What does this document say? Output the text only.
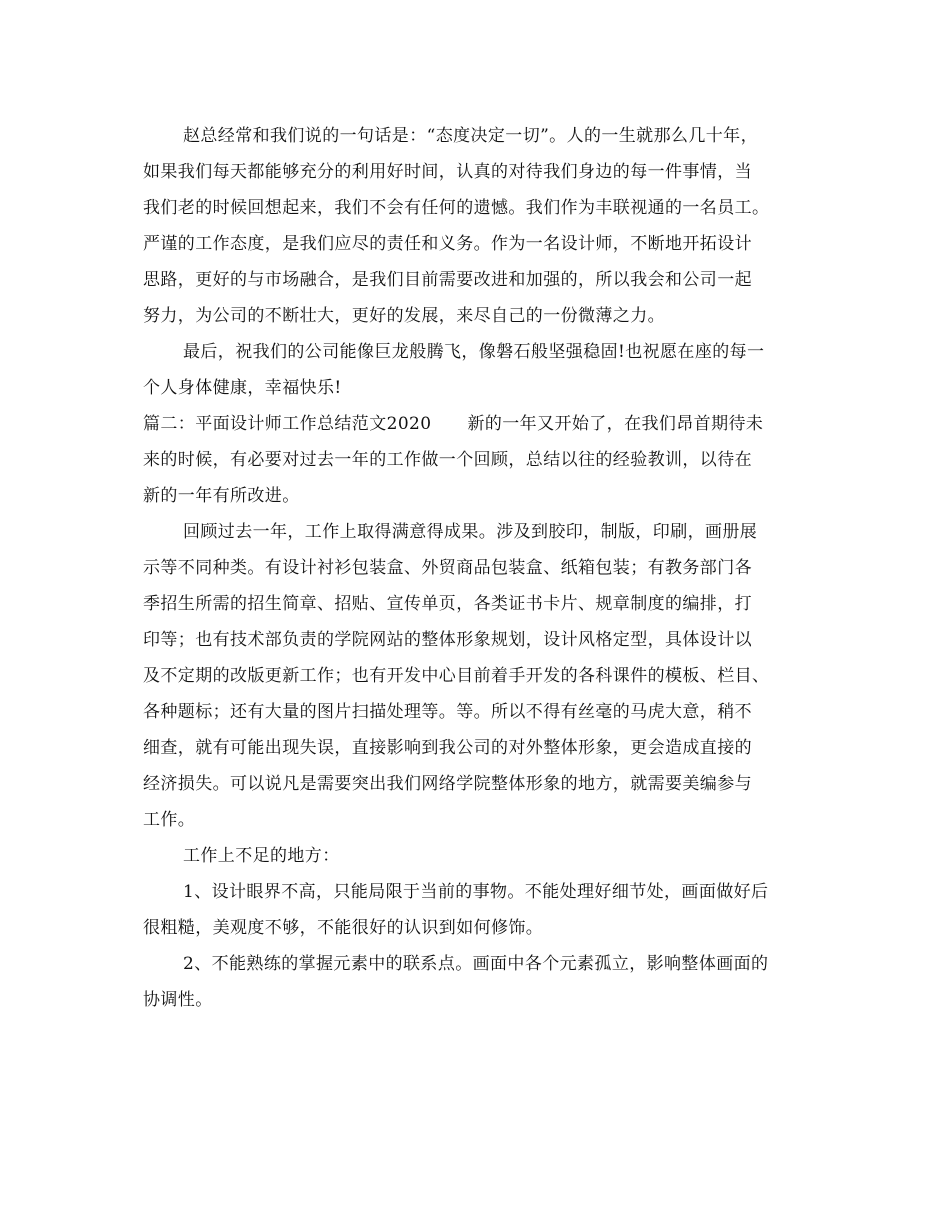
赵总经常和我们说的一句话是：“态度决定一切”。人的一生就那么几十年，
如果我们每天都能够充分的利用好时间，认真的对待我们身边的每一件事情，当
我们老的时候回想起来，我们不会有任何的遗憾。我们作为丰联视通的一名员工。
严谨的工作态度，是我们应尽的责任和义务。作为一名设计师，不断地开拓设计
思路，更好的与市场融合，是我们目前需要改进和加强的，所以我会和公司一起
努力，为公司的不断壮大，更好的发展，来尽自己的一份微薄之力。
最后，祝我们的公司能像巨龙般腾飞，像磐石般坚强稳固!也祝愿在座的每一
个人身体健康，幸福快乐!
篇二：平面设计师工作总结范文2020 新的一年又开始了，在我们昂首期待未
来的时候，有必要对过去一年的工作做一个回顾，总结以往的经验教训，以待在
新的一年有所改进。
回顾过去一年，工作上取得满意得成果。涉及到胶印，制版，印刷，画册展
示等不同种类。有设计衬衫包装盒、外贸商品包装盒、纸箱包装；有教务部门各
季招生所需的招生简章、招贴、宣传单页，各类证书卡片、规章制度的编排，打
印等；也有技术部负责的学院网站的整体形象规划，设计风格定型，具体设计以
及不定期的改版更新工作；也有开发中心目前着手开发的各科课件的模板、栏目、
各种题标；还有大量的图片扫描处理等。等。所以不得有丝毫的马虎大意，稍不
细查，就有可能出现失误，直接影响到我公司的对外整体形象，更会造成直接的
经济损失。可以说凡是需要突出我们网络学院整体形象的地方，就需要美编参与
工作。
工作上不足的地方：
1、设计眼界不高，只能局限于当前的事物。不能处理好细节处，画面做好后
很粗糙，美观度不够，不能很好的认识到如何修饰。
2、不能熟练的掌握元素中的联系点。画面中各个元素孤立，影响整体画面的
协调性。
